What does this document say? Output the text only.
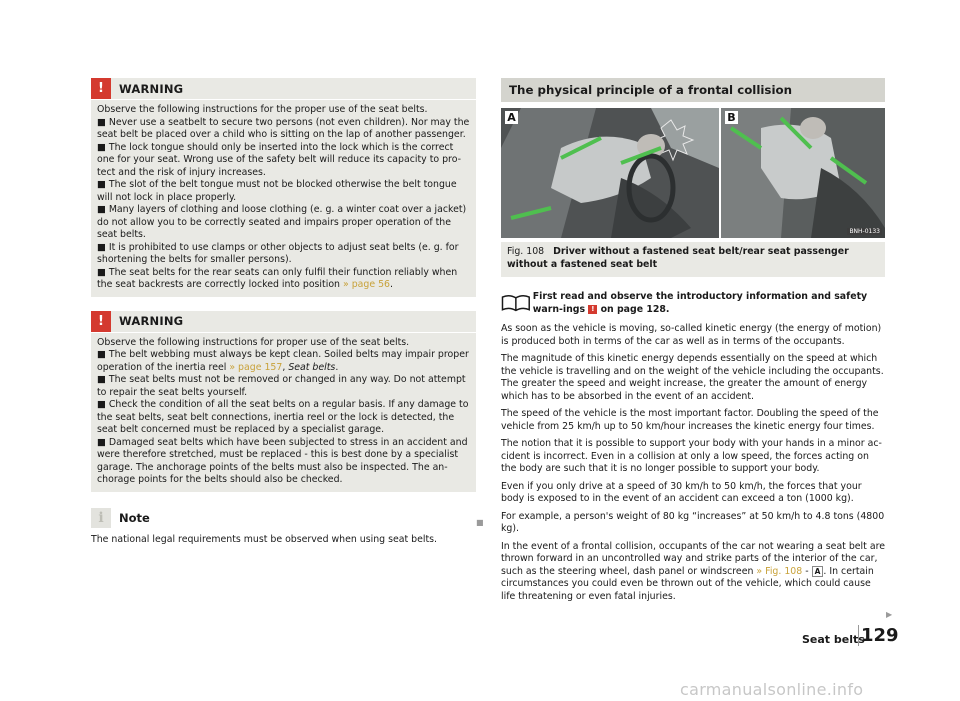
!	WARNING

Observe the following instructions for the proper use of the seat belts.

■ Never use a seatbelt to secure two persons (not even children). Nor may the seat belt be placed over a child who is sitting on the lap of another passenger.

■ The lock tongue should only be inserted into the lock which is the correct one for your seat. Wrong use of the safety belt will reduce its capacity to pro-tect and the risk of injury increases.

■ The slot of the belt tongue must not be blocked otherwise the belt tongue will not lock in place properly.

■ Many layers of clothing and loose clothing (e. g. a winter coat over a jacket) do not allow you to be correctly seated and impairs proper operation of the seat belts.

■ It is prohibited to use clamps or other objects to adjust seat belts (e. g. for shortening the belts for smaller persons).

■ The seat belts for the rear seats can only fulfil their function reliably when the seat backrests are correctly locked into position » page 56.

!	WARNING

Observe the following instructions for proper use of the seat belts.

■ The belt webbing must always be kept clean. Soiled belts may impair proper operation of the inertia reel » page 157, Seat belts.

■ The seat belts must not be removed or changed in any way. Do not attempt to repair the seat belts yourself.

■ Check the condition of all the seat belts on a regular basis. If any damage to the seat belts, seat belt connections, inertia reel or the lock is detected, the seat belt concerned must be replaced by a specialist garage.

■ Damaged seat belts which have been subjected to stress in an accident and were therefore stretched, must be replaced - this is best done by a specialist garage. The anchorage points of the belts must also be inspected. The an-chorage points for the belts should also be checked.

i	Note
The national legal requirements must be observed when using seat belts.
■
The physical principle of a frontal collision
A	B
BNH-0133
Fig. 108 Driver without a fastened seat belt/rear seat passenger without a fastened seat belt
First read and observe the introductory information and safety warn-ings ! on page 128.

As soon as the vehicle is moving, so-called kinetic energy (the energy of motion) is produced both in terms of the car as well as in terms of the occupants.

The magnitude of this kinetic energy depends essentially on the speed at which the vehicle is travelling and on the weight of the vehicle including the occupants. The greater the speed and weight increase, the greater the amount of energy which has to be absorbed in the event of an accident.

The speed of the vehicle is the most important factor. Doubling the speed of the vehicle from 25 km/h up to 50 km/hour increases the kinetic energy four times.

The notion that it is possible to support your body with your hands in a minor ac-cident is incorrect. Even in a collision at only a low speed, the forces acting on the body are such that it is no longer possible to support your body.

Even if you only drive at a speed of 30 km/h to 50 km/h, the forces that your body is exposed to in the event of an accident can exceed a ton (1000 kg).

For example, a person's weight of 80 kg “increases” at 50 km/h to 4.8 tons (4800 kg).

In the event of a frontal collision, occupants of the car not wearing a seat belt are thrown forward in an uncontrolled way and strike parts of the interior of the car, such as the steering wheel, dash panel or windscreen » Fig. 108 - A . In certain circumstances you could even be thrown out of the vehicle, which could cause life threatening or even fatal injuries.

▶
Seat belts
129
carmanualsonline.info
